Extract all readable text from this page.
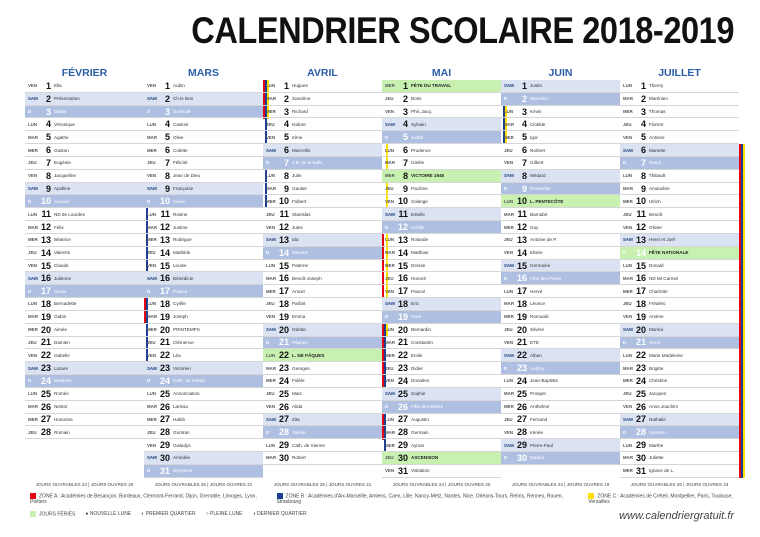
CALENDRIER SCOLAIRE 2018-2019
FÉVRIER
VEN 1 Ella
SAM 2 Présentation
D	3 Blaise
LUN 4 Véronique
MAR 5 Agathe
MER 6 Gaston
JEU	7 Eugénie
VEN 8 Jacqueline
SAM 9 Apolline
D	10 Arnaud
LUN 11 ND de Lourdes
MAR 12 Félix
MER 13 Béatrice
JEU 14 Valentin
VEN 15 Claude
SAM 16 Julienne
D	17 Alexis
LUN 18 Bernadette
MAR 19 Gabin
MER 20 Aimée
JEU 21 Damien
VEN 22 Isabelle
SAM 23 Lazare
D	24 Modeste
LUN 25 Roméo
MAR 26 Nestor
MER 27 Honorine
JEU 28 Romain
JOURS OUVRABLES 24 | JOURS OUVRES 20
MARS
VEN 1 Aubin
SAM 2 Ch.le Bon
D	3 Guénolé
LUN 4 Casimir
MAR 5 Olive
MER 6 Colette
JEU	7 Félicité
VEN 8 Jean de Dieu
SAM 9 Françoise
D	10 Vivien
LUN 11 Rosine
MAR 12 Justine
MER 13 Rodrigue
JEU 14 Mathilde
VEN 15 Louise
SAM 16 Bénédicte
D	17 Patrice
LUN 18 Cyrille
MAR 19 Joseph
MER 20 PRINTEMPS
JEU 21 Clémence
VEN 22 Léa
SAM 23 Victorien
D	24 Cath. de Suède
LUN 25 Annonciation
MAR 26 Larissa
MER 27 Habib
JEU 28 Gontran
VEN 29 Gwladys
SAM 30 Amédée
D	31 Benjamin
JOURS OUVRABLES 26 | JOURS OUVRES 21
AVRIL
LUN 1 Hugues
MAR 2 Sandrine
MER 3 Richard
JEU	4 Isidore
VEN 5 Irène
SAM 6 Marcellin
D	7 J.B. de la Salle
LUN 8 Julie
MAR 9 Gautier
MER 10 Fulbert
JEU 11 Stanislas
VEN 12 Jules
SAM 13 Ida
D	14 Maxime
LUN 15 Paterne
MAR 16 Benoît-Joseph
MER 17 Anicet
JEU 18 Parfait
VEN 19 Emma
SAM 20 Odette
D	21 Pâques
LUN 22 L. DE PÂQUES
MAR 23 Georges
MER 24 Fidèle
JEU 25 Marc
VEN 26 Alida
SAM 27 Zita
D	28 Valérie
LUN 29 Cath. de Sienne
MAR 30 Robert
JOURS OUVRABLES 25 | JOURS OUVRES 21
MAI
MER 1 FÊTE DU TRAVAIL
JEU	2 Boris
VEN 3 Phil.,Jacq.
SAM 4 Sylvain
D	5 Judith
LUN 6 Prudence
MAR 7 Gisèle
MER 8 VICTOIRE 1945
JEU	9 Pacôme
VEN 10 Solange
SAM 11 Estelle
D	12 Achille
LUN 13 Rolande
MAR 14 Matthias
MER 15 Denise
JEU 16 Honoré
VEN 17 Pascal
SAM 18 Eric
D	19 Yves
LUN 20 Bernardin
MAR 21 Constantin
MER 22 Emile
JEU 23 Didier
VEN 24 Donatien
SAM 25 Sophie
D	26 Fête des Mères
LUN 27 Augustin
MAR 28 Germain
MER 29 Aymar
JEU 30 ASCENSION
VEN 31 Visitation
JOURS OUVRABLES 24 | JOURS OUVRES 20
JUIN
SAM 1 Justin
D	2 Blandine
LUN 3 Kévin
MAR 4 Clotilde
MER 5 Igor
JEU	6 Norbert
VEN 7 Gilbert
SAM 8 Médard
D	9 Pentecôte
LUN 10 L. PENTECÔTE
MAR 11 Barnabé
MER 12 Guy
JEU 13 Antoine de P.
VEN 14 Elisée
SAM 15 Germaine
D	16 Fête des Pères
LUN 17 Hervé
MAR 18 Léonce
MER 19 Romuald
JEU 20 Silvère
VEN 21 ETE
SAM 22 Alban
D	23 Audrey
LUN 24 Jean-Baptiste
MAR 25 Prosper
MER 26 Anthelme
JEU 27 Fernand
VEN 28 Irénée
SAM 29 Pierre-Paul
D	30 Martial
JOURS OUVRABLES 24 | JOURS OUVRES 19
JUILLET
LUN 1 Thierry
MAR 2 Martinien
MER 3 Thomas
JEU	4 Florent
VEN 5 Antoine
SAM 6 Mariette
D	7 Raoul
LUN 8 Thibault
MAR 9 Amandine
MER 10 Ulrich
JEU 11 Benoît
VEN 12 Olivier
SAM 13 Henri et Joël
D	14 FÊTE NATIONALE
LUN 15 Donald
MAR 16 ND Mt Carmel
MER 17 Charlotte
JEU 18 Frédéric
VEN 19 Arsène
SAM 20 Marina
D	21 Victor
LUN 22 Marie Madeleine
MAR 23 Brigitte
MER 24 Christine
JEU 25 Jacques
VEN 26 Anne,Joachim
SAM 27 Nathalie
D	28 Samson
LUN 29 Marthe
MAR 30 Juliette
MER 31 Ignace de L.
JOURS OUVRABLES 26 | JOURS OUVRES 23
ZONE A : Académies de Besançon, Bordeaux, Clermont-Ferrand, Dijon, Grenoble, Limoges, Lyon, Poitiers
ZONE B : Académies d'Aix-Marseille, Amiens, Caen, Lille, Nancy-Metz, Nantes, Nice, Orléans-Tours, Reims, Rennes, Rouen, Strasbourg
ZONE C : Académies de Créteil, Montpellier, Paris, Toulouse, Versailles
JOURS FÉRIÉS ● NOUVELLE LUNE ◐ PREMIER QUARTIER ○ PLEINE LUNE ◑ DERNIER QUARTIER	www.calendriergratuit.fr
